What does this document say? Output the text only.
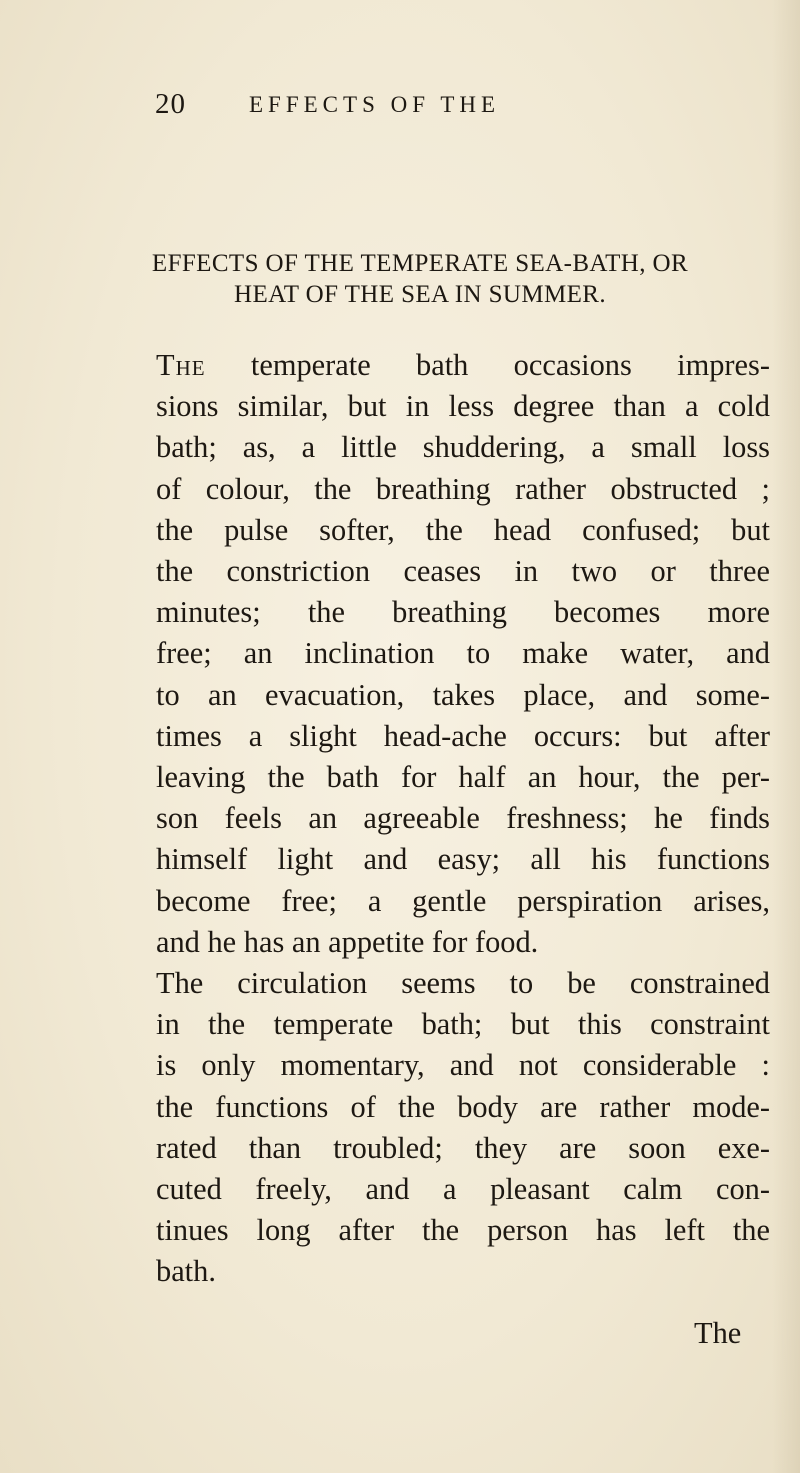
20	EFFECTS OF THE
EFFECTS OF THE TEMPERATE SEA-BATH, OR
HEAT OF THE SEA IN SUMMER.
The temperate bath occasions impres-
sions similar, but in less degree than a cold
bath; as, a little shuddering, a small loss
of colour, the breathing rather obstructed ;
the pulse softer, the head confused; but
the constriction ceases in two or three
minutes; the breathing becomes more
free; an inclination to make water, and
to an evacuation, takes place, and some-
times a slight head-ache occurs: but after
leaving the bath for half an hour, the per-
son feels an agreeable freshness; he finds
himself light and easy; all his functions
become free; a gentle perspiration arises,
and he has an appetite for food.
The circulation seems to be constrained
in the temperate bath; but this constraint
is only momentary, and not considerable :
the functions of the body are rather mode-
rated than troubled; they are soon exe-
cuted freely, and a pleasant calm con-
tinues long after the person has left the
bath.
The
